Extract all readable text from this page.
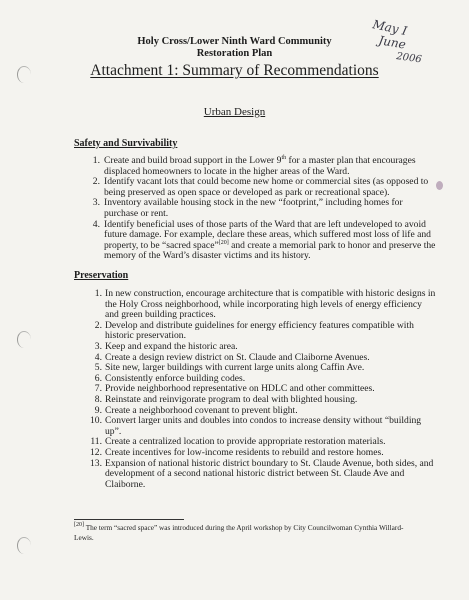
May I
June
2006
Holy Cross/Lower Ninth Ward Community
Restoration Plan
Attachment 1: Summary of Recommendations
Urban Design
Safety and Survivability
1. Create and build broad support in the Lower 9th for a master plan that encourages displaced homeowners to locate in the higher areas of the Ward.
2. Identify vacant lots that could become new home or commercial sites (as opposed to being preserved as open space or developed as park or recreational space).
3. Inventory available housing stock in the new “footprint,” including homes for purchase or rent.
4. Identify beneficial uses of those parts of the Ward that are left undeveloped to avoid future damage. For example, declare these areas, which suffered most loss of life and property, to be “sacred space”[20] and create a memorial park to honor and preserve the memory of the Ward’s disaster victims and its history.
Preservation
1. In new construction, encourage architecture that is compatible with historic designs in the Holy Cross neighborhood, while incorporating high levels of energy efficiency and green building practices.
2. Develop and distribute guidelines for energy efficiency features compatible with historic preservation.
3. Keep and expand the historic area.
4. Create a design review district on St. Claude and Claiborne Avenues.
5. Site new, larger buildings with current large units along Caffin Ave.
6. Consistently enforce building codes.
7. Provide neighborhood representative on HDLC and other committees.
8. Reinstate and reinvigorate program to deal with blighted housing.
9. Create a neighborhood covenant to prevent blight.
10. Convert larger units and doubles into condos to increase density without “building up”.
11. Create a centralized location to provide appropriate restoration materials.
12. Create incentives for low-income residents to rebuild and restore homes.
13. Expansion of national historic district boundary to St. Claude Avenue, both sides, and development of a second national historic district between St. Claude Ave and Claiborne.
[20] The term “sacred space” was introduced during the April workshop by City Councilwoman Cynthia Willard-Lewis.
